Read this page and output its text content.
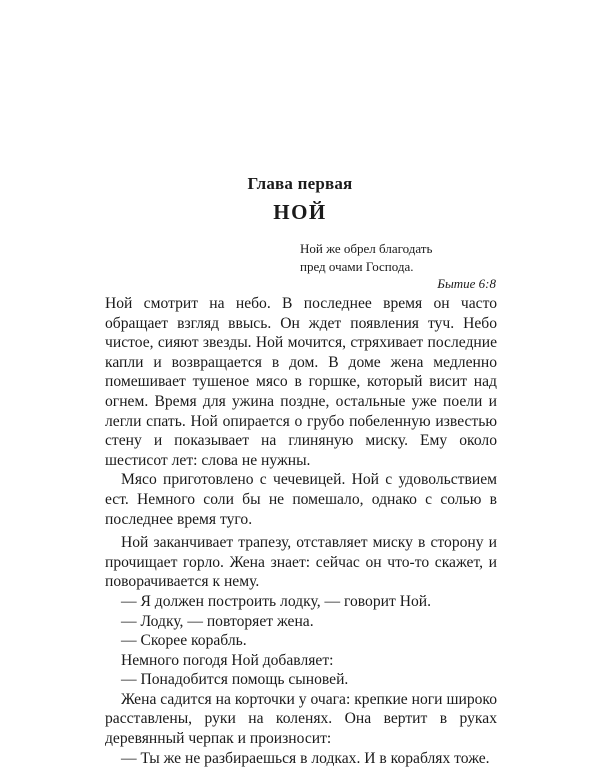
Глава первая
НОЙ
Ной же обрел благодать
пред очами Господа.
Бытие 6:8

Ной смотрит на небо. В последнее время он часто обращает взгляд ввысь. Он ждет появления туч. Небо чистое, сияют звезды. Ной мочится, стряхивает последние капли и возвращается в дом. В доме жена медленно помешивает тушеное мясо в горшке, который висит над огнем. Время для ужина поздне, остальные уже поели и легли спать. Ной опирается о грубо побеленную известью стену и показывает на глиняную миску. Ему около шестисот лет: слова не нужны.

Мясо приготовлено с чечевицей. Ной с удовольствием ест. Немного соли бы не помешало, однако с солью в последнее время туго.

Ной заканчивает трапезу, отставляет миску в сторону и прочищает горло. Жена знает: сейчас он что-то скажет, и поворачивается к нему.

— Я должен построить лодку, — говорит Ной.

— Лодку, — повторяет жена.

— Скорее корабль.

Немного погодя Ной добавляет:

— Понадобится помощь сыновей.

Жена садится на корточки у очага: крепкие ноги широко расставлены, руки на коленях. Она вертит в руках деревянный черпак и произносит:

— Ты же не разбираешься в лодках. И в кораблях тоже.
